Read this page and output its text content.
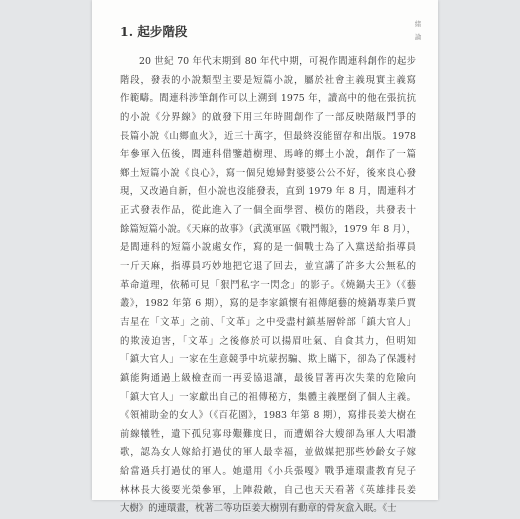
1. 起步階段	緒
論
20 世紀 70 年代末期到 80 年代中期，可視作閻連科創作的起步
階段，發表的小說類型主要是短篇小說，屬於社會主義現實主義寫
作範疇。閻連科涉筆創作可以上溯到 1975 年，讀高中的他在張抗抗
的小說《分界線》的啟發下用三年時間創作了一部反映階級鬥爭的
長篇小說《山鄉血火》，近三十萬字，但最終沒能留存和出版。1978
年參軍入伍後，閻連科借鑒趙樹理、馬峰的鄉土小說，創作了一篇
鄉土短篇小說《良心》，寫一個兒媳婦對婆婆公公不好，後來良心發
現，又改過自新，但小說也沒能發表，直到 1979 年 8 月，閻連科才
正式發表作品，從此進入了一個全面學習、模仿的階段，共發表十
餘篇短篇小說。《天麻的故事》（武漢軍區《戰鬥報》，1979 年 8 月），
是閻連科的短篇小說處女作，寫的是一個戰士為了入黨送給指導員
一斤天麻，指導員巧妙地把它退了回去，並宣講了許多大公無私的
革命道理，依稀可見「狠鬥私字一閃念」的影子。《燒鍋夫王》（《藝
叢》，1982 年第 6 期），寫的是李家鎮懷有祖傳絕藝的燒鍋專業戶賈
吉星在「文革」之前、「文革」之中受盡村鎮基層幹部「鎮大官人」
的欺淩迫害，「文革」之後修於可以揚眉吐氣、自食其力，但明知
「鎮大官人」一家在生意競爭中坑蒙拐騙、欺上瞞下，卻為了保護村
鎮能夠通過上級檢查而一再妥協退讓，最後冒著再次失業的危險向
「鎮大官人」一家獻出自己的祖傳秘方，集體主義壓倒了個人主義。
《領補助金的女人》（《百花園》，1983 年第 8 期），寫排長姜大樹在
前線犧牲，遺下孤兒寡母艱難度日，而遭媚谷大嫂卻為軍人大唱讚
歌，認為女人嫁給打過仗的軍人最幸福，並做媒把那些妙齡女子嫁
給當過兵打過仗的軍人。她還用《小兵張嘎》戰爭連環畫教育兒子
林林長大後要光榮參軍，上陣殺敵，自己也天天看著《英雄排長姜
大樹》的連環畫，枕著二等功臣姜大樹別有勳章的骨灰盒入眠。《士
